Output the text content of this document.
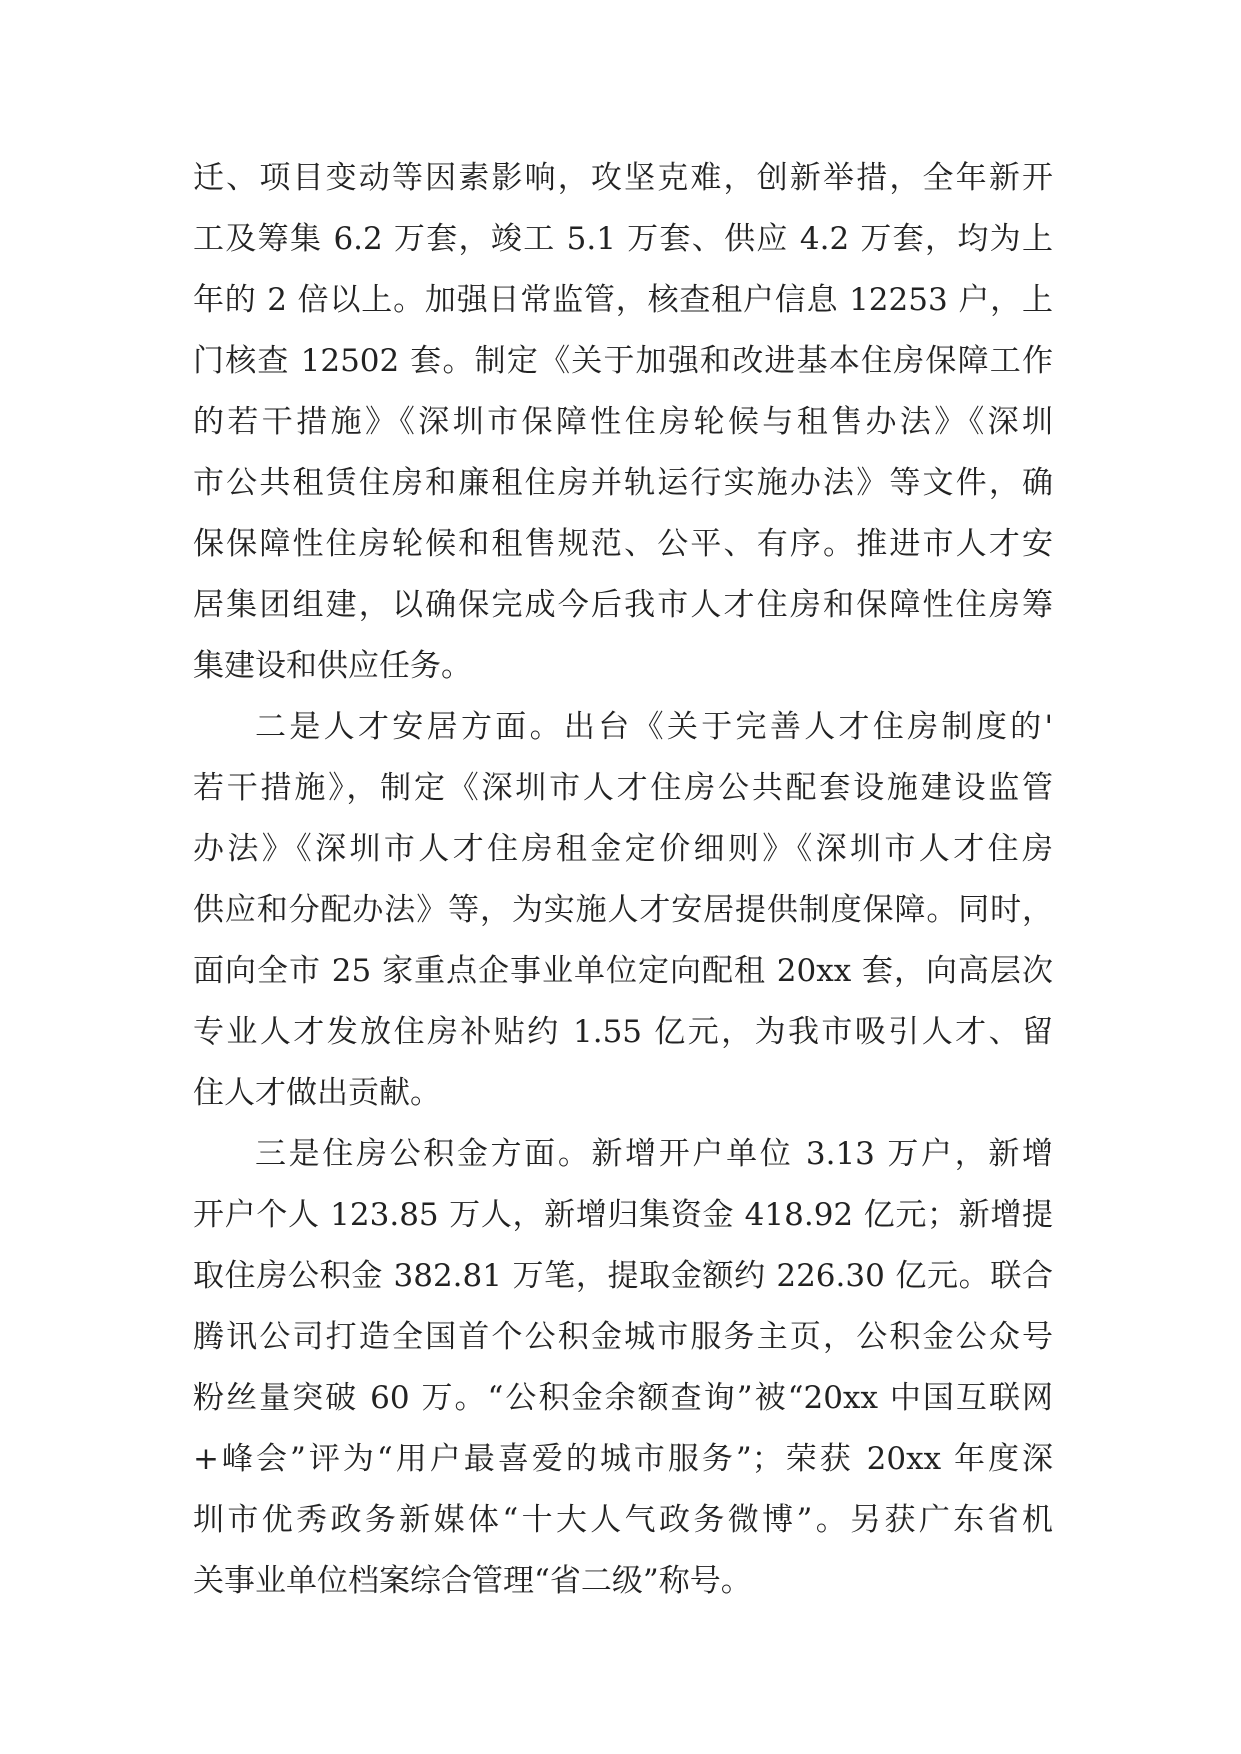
迁、项目变动等因素影响，攻坚克难，创新举措，全年新开
工及筹集 6.2 万套，竣工 5.1 万套、供应 4.2 万套，均为上
年的 2 倍以上。加强日常监管，核查租户信息 12253 户，上
门核查 12502 套。制定《关于加强和改进基本住房保障工作
的若干措施》《深圳市保障性住房轮候与租售办法》《深圳
市公共租赁住房和廉租住房并轨运行实施办法》等文件，确
保保障性住房轮候和租售规范、公平、有序。推进市人才安
居集团组建，以确保完成今后我市人才住房和保障性住房筹
集建设和供应任务。
二是人才安居方面。出台《关于完善人才住房制度的'
若干措施》，制定《深圳市人才住房公共配套设施建设监管
办法》《深圳市人才住房租金定价细则》《深圳市人才住房
供应和分配办法》等，为实施人才安居提供制度保障。同时，
面向全市 25 家重点企事业单位定向配租 20xx 套，向高层次
专业人才发放住房补贴约 1.55 亿元，为我市吸引人才、留
住人才做出贡献。
三是住房公积金方面。新增开户单位 3.13 万户，新增
开户个人 123.85 万人，新增归集资金 418.92 亿元；新增提
取住房公积金 382.81 万笔，提取金额约 226.30 亿元。联合
腾讯公司打造全国首个公积金城市服务主页，公积金公众号
粉丝量突破 60 万。“公积金余额查询”被“20xx 中国互联网
+峰会”评为“用户最喜爱的城市服务”；荣获 20xx 年度深
圳市优秀政务新媒体“十大人气政务微博”。另获广东省机
关事业单位档案综合管理“省二级”称号。
